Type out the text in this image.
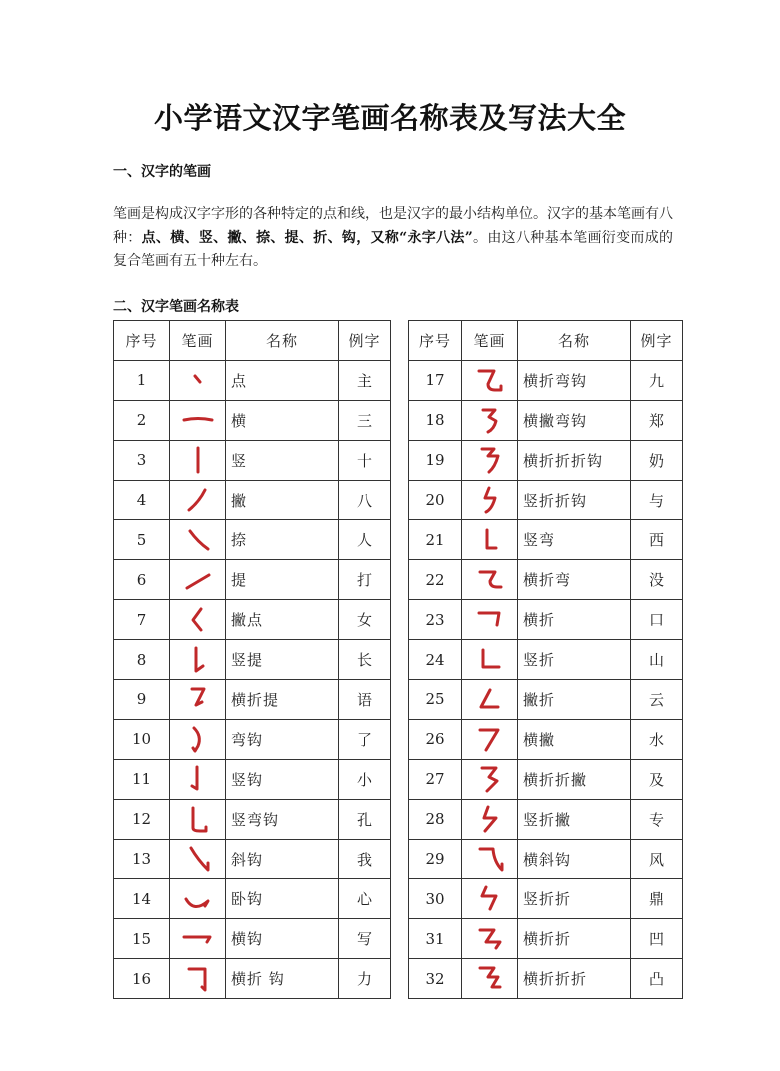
小学语文汉字笔画名称表及写法大全
一、汉字的笔画
笔画是构成汉字字形的各种特定的点和线，也是汉字的最小结构单位。汉字的基本笔画有八种：点、横、竖、撇、捺、提、折、钩，又称“永字八法”。由这八种基本笔画衍变而成的复合笔画有五十种左右。
二、汉字笔画名称表
序号	笔画	名称	例字
1		点	主
2		横	三
3		竖	十
4		撇	八
5		捺	人
6		提	打
7		撇点	女
8		竖提	长
9		横折提	语
10		弯钩	了
11		竖钩	小
12		竖弯钩	孔
13		斜钩	我
14		卧钩	心
15		横钩	写
16		横折 钩	力
序号	笔画	名称	例字
17		横折弯钩	九
18		横撇弯钩	郑
19		横折折折钩	奶
20		竖折折钩	与
21		竖弯	西
22		横折弯	没
23		横折	口
24		竖折	山
25		撇折	云
26		横撇	水
27		横折折撇	及
28		竖折撇	专
29		横斜钩	风
30		竖折折	鼎
31		横折折	凹
32		横折折折	凸
